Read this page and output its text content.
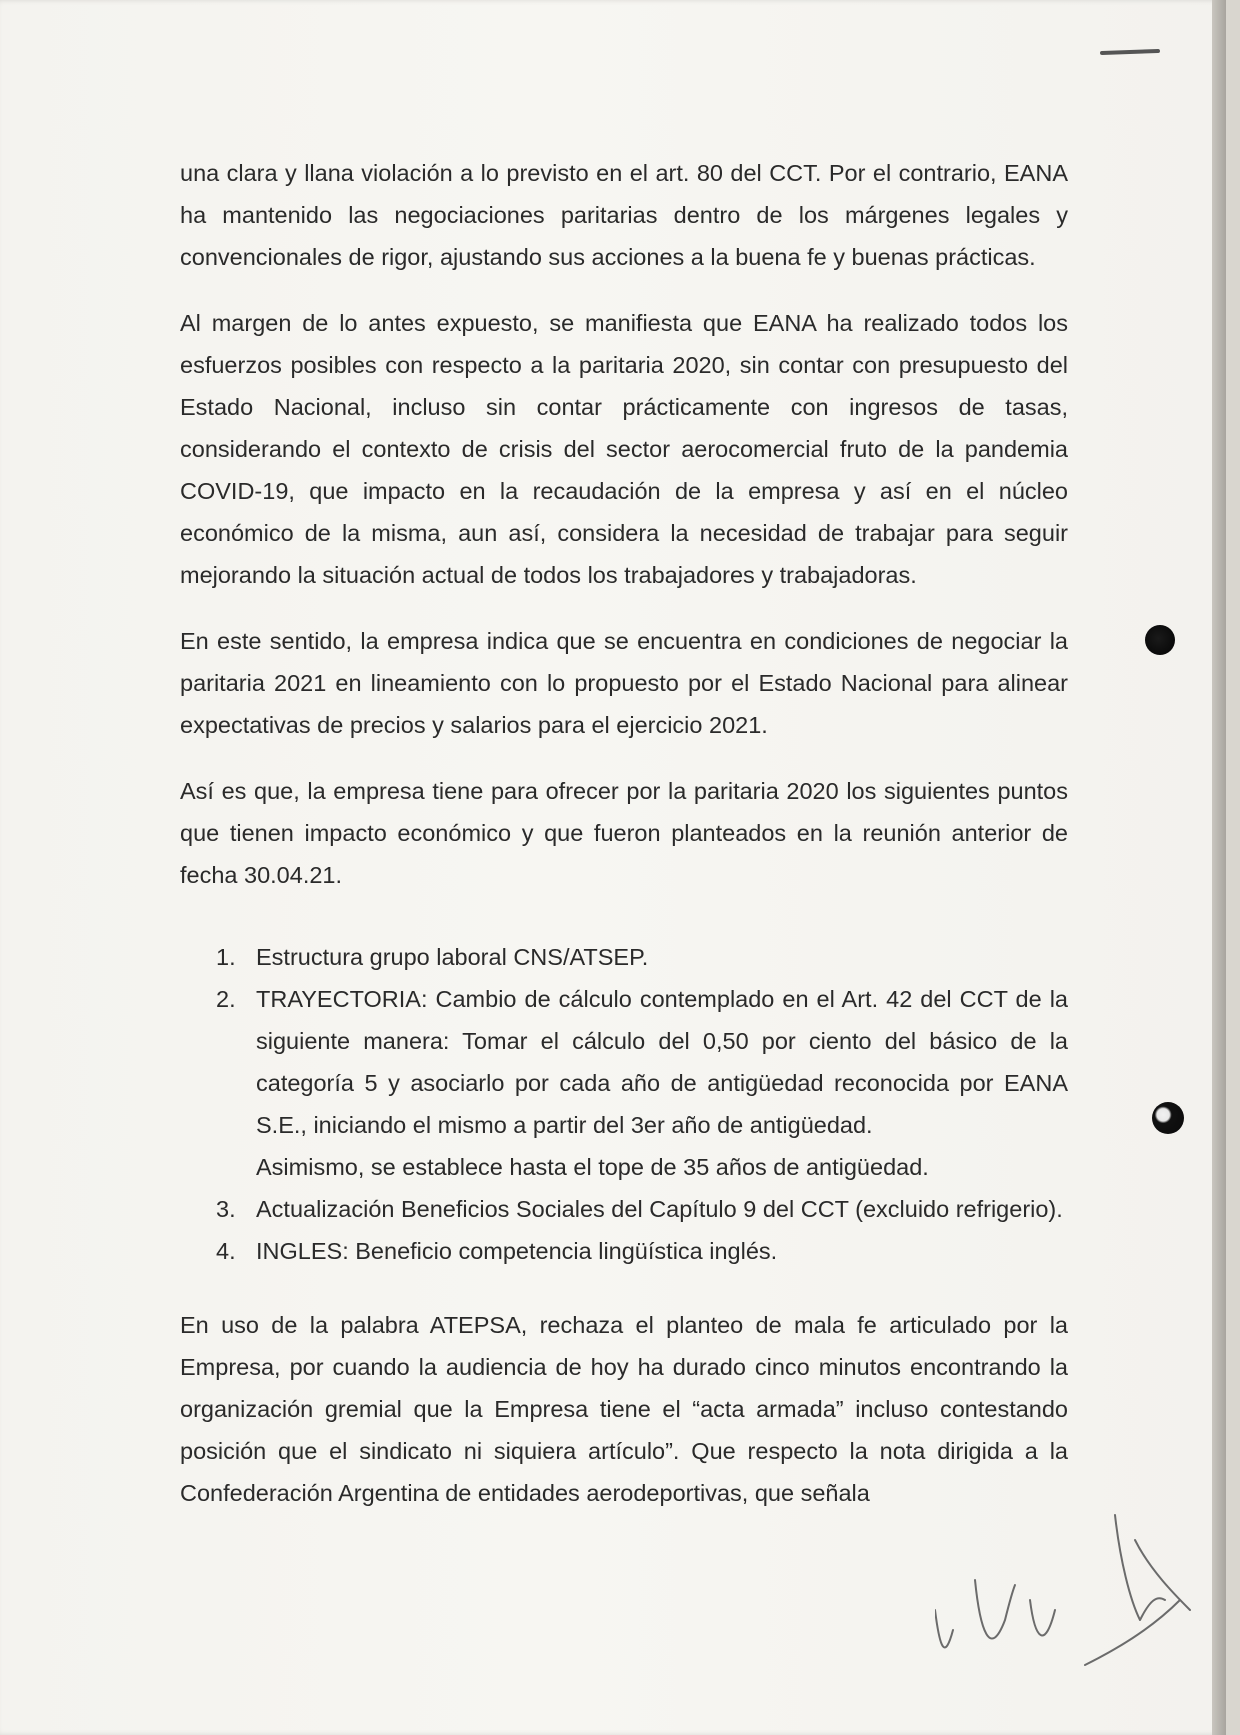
una clara y llana violación a lo previsto en el art. 80 del CCT. Por el contrario, EANA ha mantenido las negociaciones paritarias dentro de los márgenes legales y convencionales de rigor, ajustando sus acciones a la buena fe y buenas prácticas.

Al margen de lo antes expuesto, se manifiesta que EANA ha realizado todos los esfuerzos posibles con respecto a la paritaria 2020, sin contar con presupuesto del Estado Nacional, incluso sin contar prácticamente con ingresos de tasas, considerando el contexto de crisis del sector aerocomercial fruto de la pandemia COVID-19, que impacto en la recaudación de la empresa y así en el núcleo económico de la misma, aun así, considera la necesidad de trabajar para seguir mejorando la situación actual de todos los trabajadores y trabajadoras.

En este sentido, la empresa indica que se encuentra en condiciones de negociar la paritaria 2021 en lineamiento con lo propuesto por el Estado Nacional para alinear expectativas de precios y salarios para el ejercicio 2021.

Así es que, la empresa tiene para ofrecer por la paritaria 2020 los siguientes puntos que tienen impacto económico y que fueron planteados en la reunión anterior de fecha 30.04.21.

1. Estructura grupo laboral CNS/ATSEP.
2. TRAYECTORIA: Cambio de cálculo contemplado en el Art. 42 del CCT de la siguiente manera: Tomar el cálculo del 0,50 por ciento del básico de la categoría 5 y asociarlo por cada año de antigüedad reconocida por EANA S.E., iniciando el mismo a partir del 3er año de antigüedad.
Asimismo, se establece hasta el tope de 35 años de antigüedad.
3. Actualización Beneficios Sociales del Capítulo 9 del CCT (excluido refrigerio).
4. INGLES: Beneficio competencia lingüística inglés.

En uso de la palabra ATEPSA, rechaza el planteo de mala fe articulado por la Empresa, por cuando la audiencia de hoy ha durado cinco minutos encontrando la organización gremial que la Empresa tiene el “acta armada” incluso contestando posición que el sindicato ni siquiera artículo”. Que respecto la nota dirigida a la Confederación Argentina de entidades aerodeportivas, que señala
